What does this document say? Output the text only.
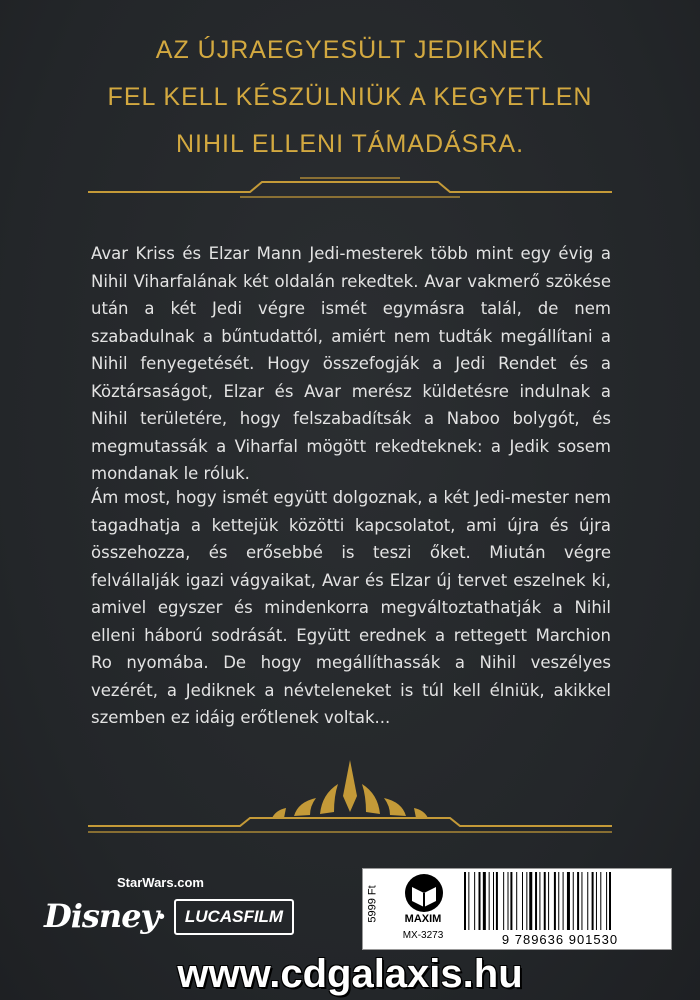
AZ ÚJRAEGYESÜLT JEDIKNEK
FEL KELL KÉSZÜLNIÜK A KEGYETLEN
NIHIL ELLENI TÁMADÁSRA.

Avar Kriss és Elzar Mann Jedi-mesterek több mint egy évig a Nihil Viharfalának két oldalán rekedtek. Avar vakmerő szökése után a két Jedi végre ismét egymásra talál, de nem szabadulnak a bűntudattól, amiért nem tudták megállítani a Nihil fenyegetését. Hogy összefogják a Jedi Rendet és a Köztársaságot, Elzar és Avar merész küldetésre indulnak a Nihil területére, hogy felszabadítsák a Naboo bolygót, és megmutassák a Viharfal mögött rekedteknek: a Jedik sosem mondanak le róluk.

Ám most, hogy ismét együtt dolgoznak, a két Jedi-mester nem tagadhatja a kettejük közötti kapcsolatot, ami újra és újra összehozza, és erősebbé is teszi őket. Miután végre felvállalják igazi vágyaikat, Avar és Elzar új tervet eszelnek ki, amivel egyszer és mindenkorra megváltoztathatják a Nihil elleni háború sodrását. Együtt erednek a rettegett Marchion Ro nyomába. De hogy megállíthassák a Nihil veszélyes vezérét, a Jediknek a névteleneket is túl kell élniük, akikkel szemben ez idáig erőtlenek voltak...

StarWars.com
Disney •	LUCASFILM	5999 Ft	MAXIM
MX-3273	9 789636 901530
www.cdgalaxis.hu
